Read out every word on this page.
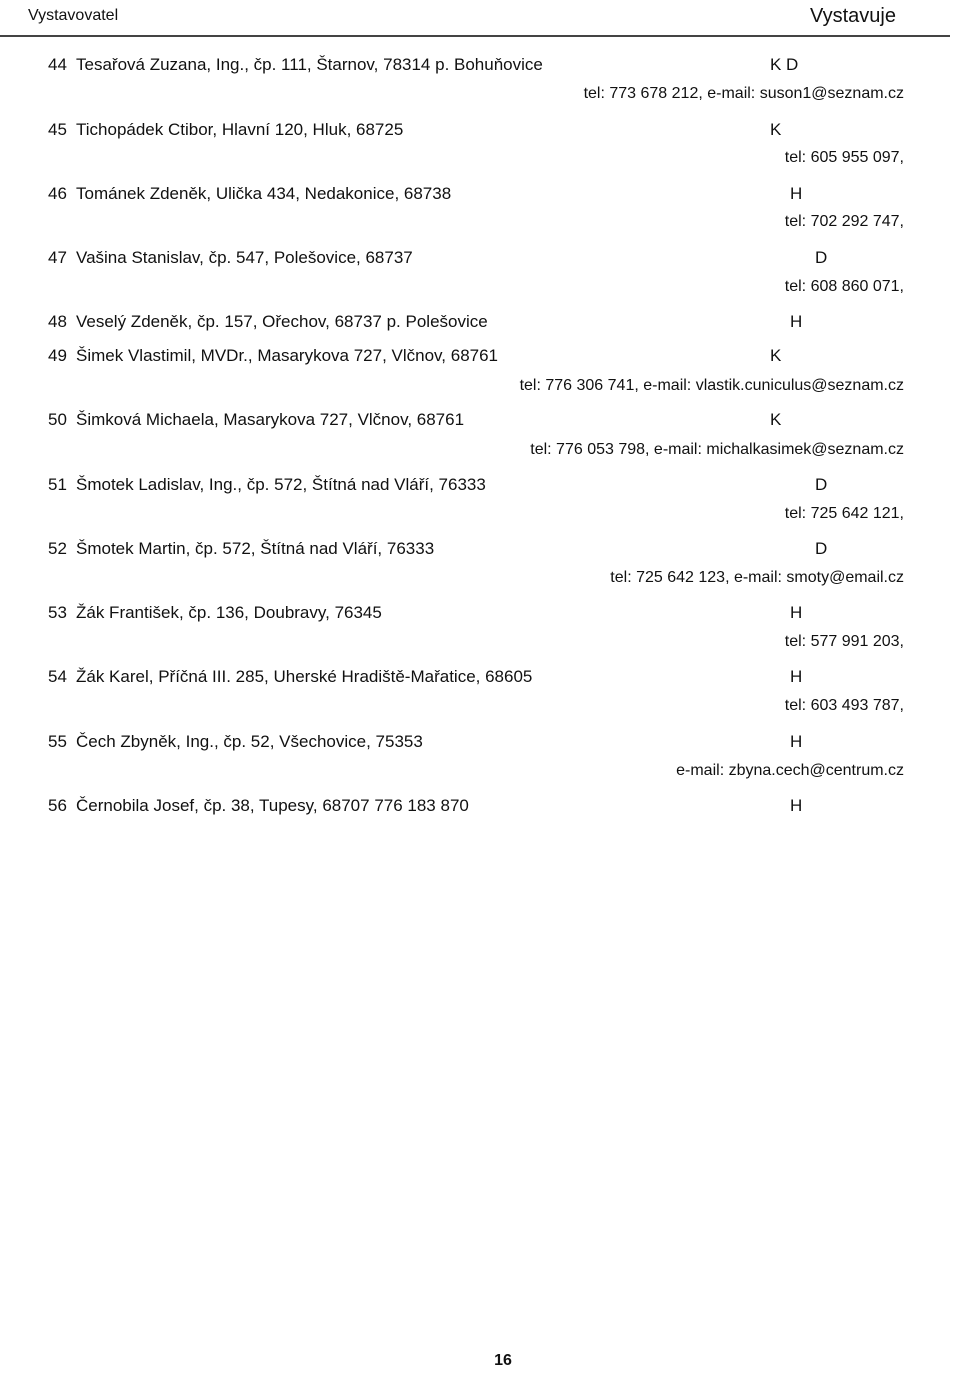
Vystavovatel	Vystavuje
44 Tesařová Zuzana, Ing., čp. 111, Štarnov, 78314 p. Bohuňovice	K D
tel: 773 678 212, e-mail: suson1@seznam.cz
45 Tichopádek Ctibor, Hlavní 120, Hluk, 68725	K
tel: 605 955 097,
46 Tománek Zdeněk, Ulička 434, Nedakonice, 68738	H
tel: 702 292 747,
47 Vašina Stanislav, čp. 547, Polešovice, 68737	D
tel: 608 860 071,
48 Veselý Zdeněk, čp. 157, Ořechov, 68737 p. Polešovice	H
49 Šimek Vlastimil, MVDr., Masarykova 727, Vlčnov, 68761	K
tel: 776 306 741, e-mail: vlastik.cuniculus@seznam.cz
50 Šimková Michaela, Masarykova 727, Vlčnov, 68761	K
tel: 776 053 798, e-mail: michalkasimek@seznam.cz
51 Šmotek Ladislav, Ing., čp. 572, Štítná nad Vláří, 76333	D
tel: 725 642 121,
52 Šmotek Martin, čp. 572, Štítná nad Vláří, 76333	D
tel: 725 642 123, e-mail: smoty@email.cz
53 Žák František, čp. 136, Doubravy, 76345	H
tel: 577 991 203,
54 Žák Karel, Příčná III. 285, Uherské Hradiště-Mařatice, 68605	H
tel: 603 493 787,
55 Čech Zbyněk, Ing., čp. 52, Všechovice, 75353	H
e-mail: zbyna.cech@centrum.cz
56 Černobila Josef, čp. 38, Tupesy, 68707 776 183 870	H
16
